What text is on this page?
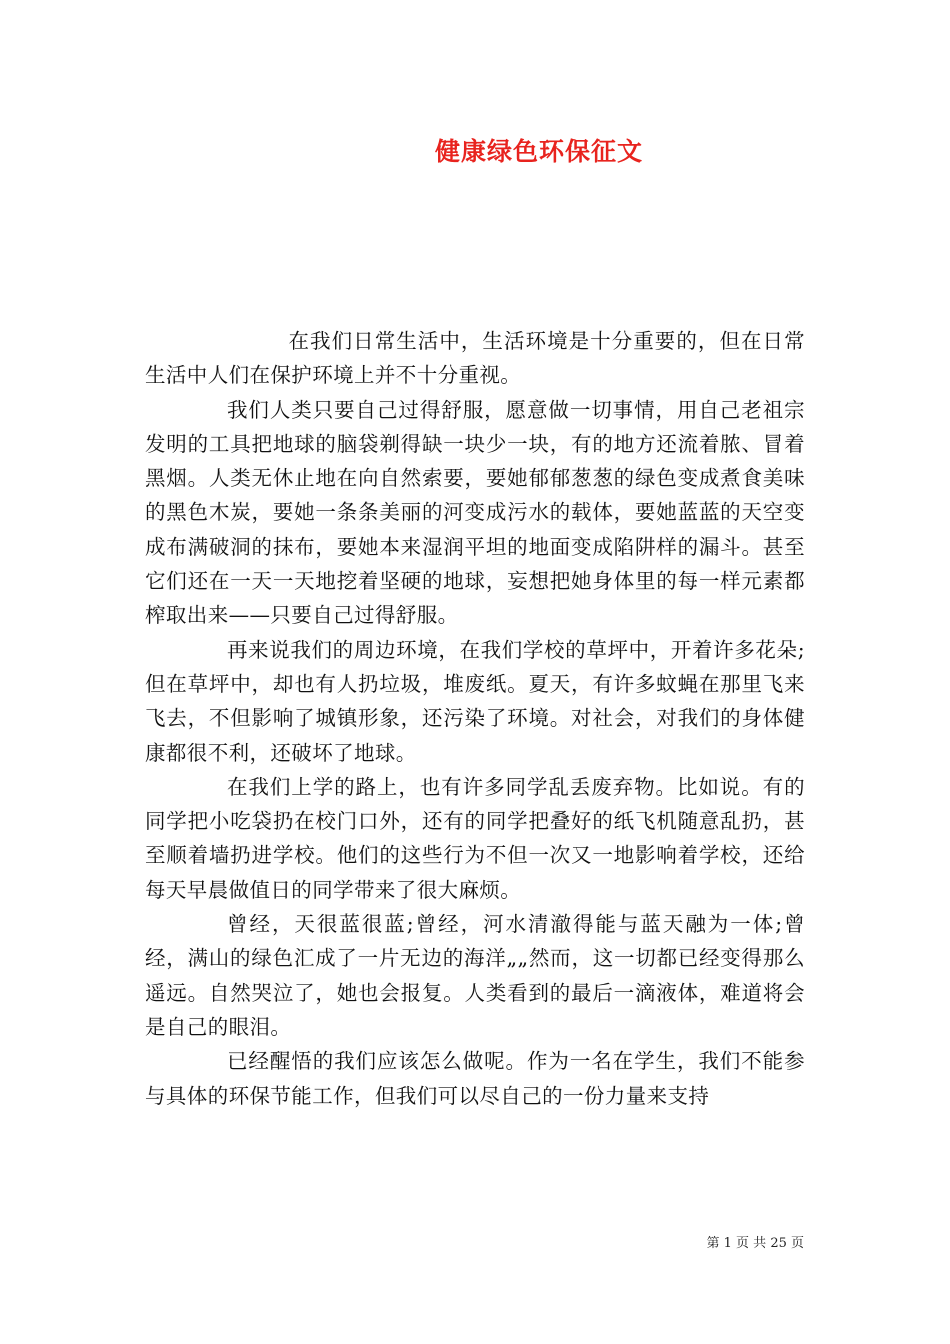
健康绿色环保征文

在我们日常生活中，生活环境是十分重要的，但在日常生活中人们在保护环境上并不十分重视。

我们人类只要自己过得舒服，愿意做一切事情，用自己老祖宗发明的工具把地球的脑袋剃得缺一块少一块，有的地方还流着脓、冒着黑烟。人类无休止地在向自然索要，要她郁郁葱葱的绿色变成煮食美味的黑色木炭，要她一条条美丽的河变成污水的载体，要她蓝蓝的天空变成布满破洞的抹布，要她本来湿润平坦的地面变成陷阱样的漏斗。甚至它们还在一天一天地挖着坚硬的地球，妄想把她身体里的每一样元素都榨取出来——只要自己过得舒服。

再来说我们的周边环境，在我们学校的草坪中，开着许多花朵;但在草坪中，却也有人扔垃圾，堆废纸。夏天，有许多蚊蝇在那里飞来飞去，不但影响了城镇形象，还污染了环境。对社会，对我们的身体健康都很不利，还破坏了地球。

在我们上学的路上，也有许多同学乱丢废弃物。比如说。有的同学把小吃袋扔在校门口外，还有的同学把叠好的纸飞机随意乱扔，甚至顺着墙扔进学校。他们的这些行为不但一次又一地影响着学校，还给每天早晨做值日的同学带来了很大麻烦。

曾经，天很蓝很蓝;曾经，河水清澈得能与蓝天融为一体;曾经，满山的绿色汇成了一片无边的海洋„„然而，这一切都已经变得那么遥远。自然哭泣了，她也会报复。人类看到的最后一滴液体，难道将会是自己的眼泪。

已经醒悟的我们应该怎么做呢。作为一名在学生，我们不能参与具体的环保节能工作，但我们可以尽自己的一份力量来支持

第 1 页 共 25 页
